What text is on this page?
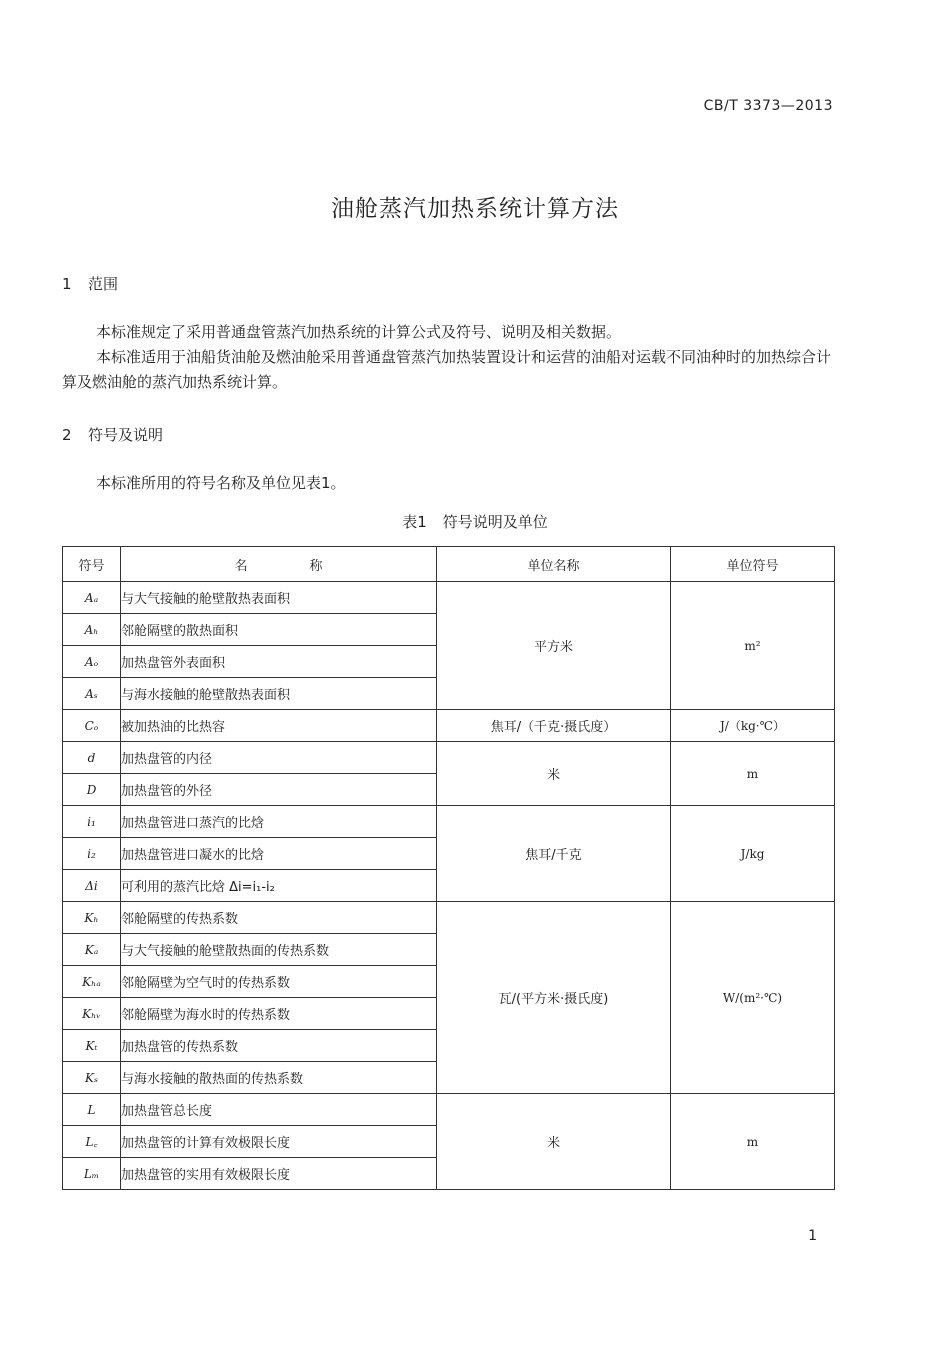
CB/T 3373—2013
油舱蒸汽加热系统计算方法
1 范围

本标准规定了采用普通盘管蒸汽加热系统的计算公式及符号、说明及相关数据。

本标准适用于油船货油舱及燃油舱采用普通盘管蒸汽加热装置设计和运营的油船对运载不同油种时的加热综合计算及燃油舱的蒸汽加热系统计算。

2 符号及说明

本标准所用的符号名称及单位见表1。

表1 符号说明及单位
符号	名称	单位名称	单位符号
Aₐ	与大气接触的舱壁散热表面积	平方米	m²
Aₕ	邻舱隔壁的散热面积		
Aₒ	加热盘管外表面积		
Aₛ	与海水接触的舱壁散热表面积		
Cₒ	被加热油的比热容	焦耳/（千克·摄氏度）	J/（kg·℃）
d	加热盘管的内径	米	m
D	加热盘管的外径		
i₁	加热盘管进口蒸汽的比焓	焦耳/千克	J/kg
i₂	加热盘管进口凝水的比焓		
Δi	可利用的蒸汽比焓 Δi=i₁-i₂		
Kₕ	邻舱隔壁的传热系数	瓦/(平方米·摄氏度)	W/(m²·℃)
Kₐ	与大气接触的舱壁散热面的传热系数		
Kₕₐ	邻舱隔壁为空气时的传热系数		
Kₕᵥ	邻舱隔壁为海水时的传热系数		
Kₜ	加热盘管的传热系数		
Kₛ	与海水接触的散热面的传热系数		
L	加热盘管总长度	米	m
L꜀	加热盘管的计算有效极限长度		
Lₘ	加热盘管的实用有效极限长度		
1
